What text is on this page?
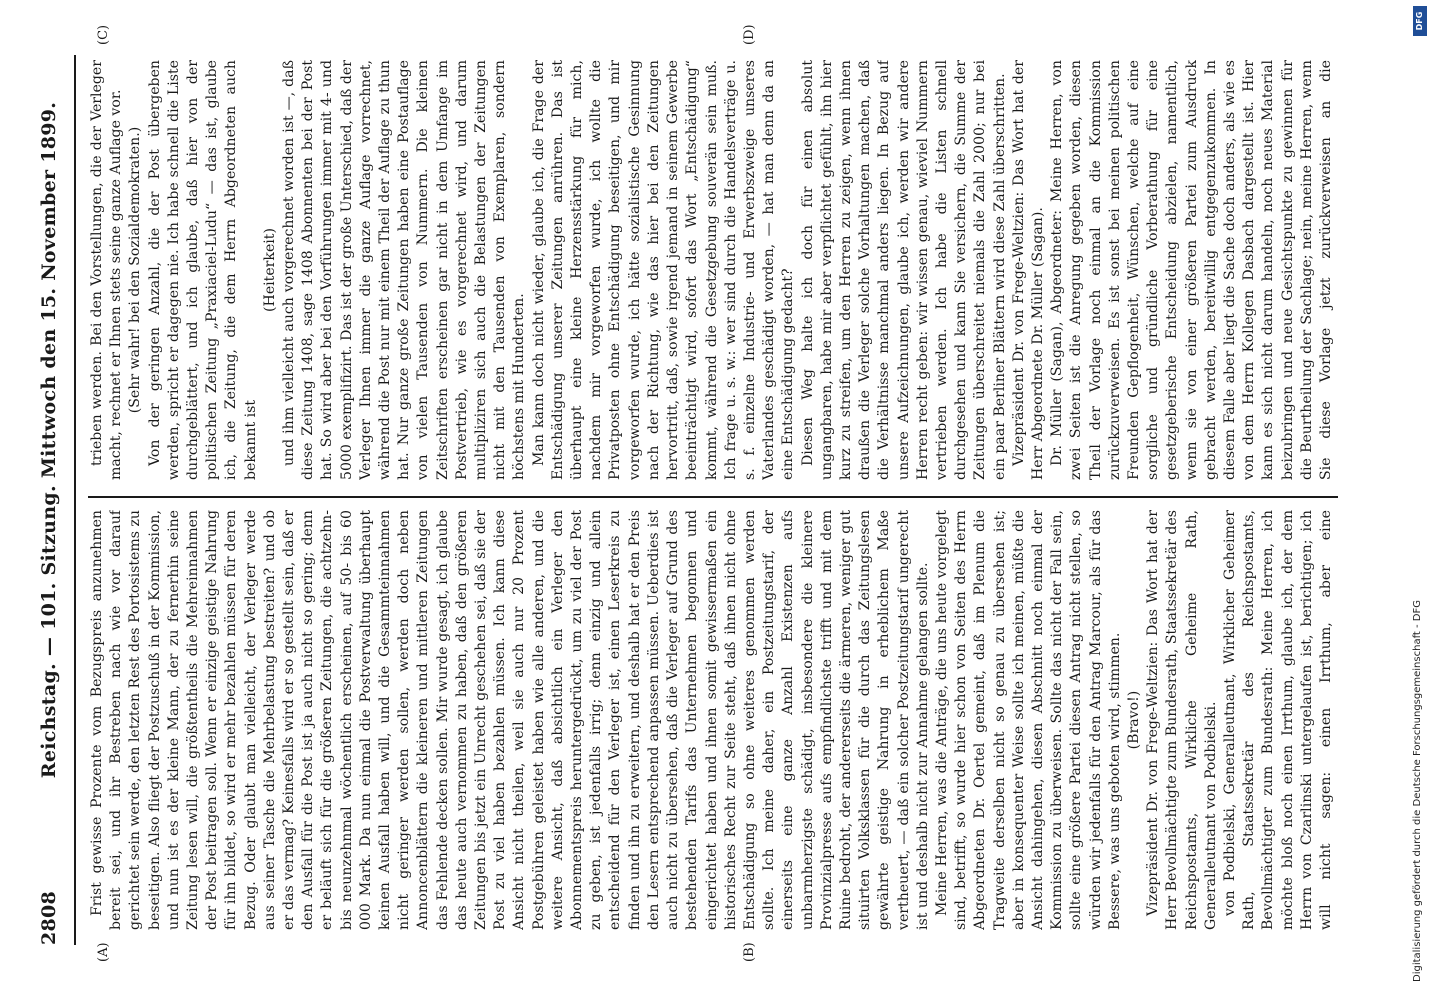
2808
Reichstag. — 101. Sitzung. Mittwoch den 15. November 1899.
(A)	(B)
(C)	(D)

Frist gewisse Prozente vom Bezugspreis anzunehmen bereit sei, und ihr Bestreben nach wie vor darauf gerichtet sein werde, den letzten Rest des Portosistems zu beseitigen. Also fliegt der Postzuschuß in der Kommission, und nun ist es der kleine Mann, der zu fernerhin seine Zeitung lesen will, die größtentheils die Mehreinnahmen der Post beitragen soll. Wenn er einzige geistige Nahrung für ihn bildet, so wird er mehr bezahlen müssen für deren Bezug. Oder glaubt man vielleicht, der Verleger werde aus seiner Tasche die Mehrbelastung bestreiten? und ob er das vermag? Keinesfalls wird er so gestellt sein, daß er den Ausfall für die Post ist ja auch nicht so gering; denn er beläuft sich für die größeren Zeitungen, die achtzehn- bis neunzehnmal wöchentlich erscheinen, auf 50- bis 60 000 Mark. Da nun einmal die Postverwaltung überhaupt keinen Ausfall haben will, und die Gesammteinnahmen nicht geringer werden sollen, werden doch neben Annoncenblättern die kleineren und mittleren Zeitungen das Fehlende decken sollen. Mir wurde gesagt, ich glaube das heute auch vernommen zu haben, daß den größeren Zeitungen bis jetzt ein Unrecht geschehen sei, daß sie der Post zu viel haben bezahlen müssen. Ich kann diese Ansicht nicht theilen, weil sie auch nur 20 Prozent Postgebühren geleistet haben wie alle anderen, und die weitere Ansicht, daß absichtlich ein Verleger den Abonnementspreis heruntergedrückt, um zu viel der Post zu geben, ist jedenfalls irrig; denn einzig und allein entscheidend für den Verleger ist, einen Leserkreis zu finden und ihn zu erweitern, und deshalb hat er den Preis den Lesern entsprechend anpassen müssen. Ueberdies ist auch nicht zu übersehen, daß die Verleger auf Grund des bestehenden Tarifs das Unternehmen begonnen und eingerichtet haben und ihnen somit gewissermaßen ein historisches Recht zur Seite steht, daß ihnen nicht ohne Entschädigung so ohne weiteres genommen werden sollte. Ich meine daher, ein Postzeitungstarif, der einerseits eine ganze Anzahl Existenzen aufs unbarmherzigste schädigt, insbesondere die kleinere Provinzialpresse aufs empfindlichste trifft und mit dem Ruine bedroht, der andererseits die ärmeren, weniger gut situirten Volksklassen für die durch das Zeitungslesen gewährte geistige Nahrung in erheblichem Maße vertheuert, — daß ein solcher Postzeitungstarif ungerecht ist und deshalb nicht zur Annahme gelangen sollte. Meine Herren, was die Anträge, die uns heute vorgelegt sind, betrifft, so wurde hier schon von Seiten des Herrn Abgeordneten Dr. Oertel gemeint, daß im Plenum die Tragweite derselben nicht so genau zu übersehen ist; aber in konsequenter Weise sollte ich meinen, müßte die Ansicht dahingehen, diesen Abschnitt noch einmal der Kommission zu überweisen. Sollte das nicht der Fall sein, sollte eine größere Partei diesen Antrag nicht stellen, so würden wir jedenfalls für den Antrag Marcour, als für das Bessere, was uns geboten wird, stimmen. (Bravo!) Vizepräsident Dr. von Frege-Weltzien: Das Wort hat der Herr Bevollmächtigte zum Bundesrath, Staatssekretär des Reichspostamts, Wirkliche Geheime Rath, Generalleutnant von Podbielski. von Podbielski, Generalleutnant, Wirklicher Geheimer Rath, Staatssekretär des Reichspostamts, Bevollmächtigter zum Bundesrath: Meine Herren, ich möchte bloß noch einen Irrthum, glaube ich, der dem Herrn von Czarlinski untergelaufen ist, berichtigen; ich will nicht sagen: einen Irrthum, aber eine

trieben werden. Bei den Vorstellungen, die der Verleger macht, rechnet er Ihnen stets seine ganze Auflage vor. (Sehr wahr! bei den Sozialdemokraten.) Von der geringen Anzahl, die der Post übergeben werden, spricht er dagegen nie. Ich habe schnell die Liste durchgeblättert, und ich glaube, daß hier von der politischen Zeitung „Praxiaciel-Ludu“ — das ist, glaube ich, die Zeitung, die dem Herrn Abgeordneten auch bekannt ist

(Heiterkeit) und ihm vielleicht auch vorgerechnet worden ist —, daß diese Zeitung 1408, sage 1408 Abonnenten bei der Post hat. So wird aber bei den Vorführungen immer mit 4- und 5000 exemplifizirt. Das ist der große Unterschied, daß der Verleger Ihnen immer die ganze Auflage vorrechnet, während die Post nur mit einem Theil der Auflage zu thun hat. Nur ganze große Zeitungen haben eine Postauflage von vielen Tausenden von Nummern. Die kleinen Zeitschriften erscheinen gar nicht in dem Umfange im Postvertrieb, wie es vorgerechnet wird, und darum multipliziren sich auch die Belastungen der Zeitungen nicht mit den Tausenden von Exemplaren, sondern höchstens mit Hunderten. Man kann doch nicht wieder, glaube ich, die Frage der Entschädigung unserer Zeitungen anrühren. Das ist überhaupt eine kleine Herzensstärkung für mich, nachdem mir vorgeworfen wurde, ich wollte die Privatposten ohne Entschädigung beseitigen, und mir vorgeworfen wurde, ich hätte sozialistische Gesinnung nach der Richtung, wie das hier bei den Zeitungen hervortritt, daß, sowie irgend jemand in seinem Gewerbe beeinträchtigt wird, sofort das Wort „Entschädigung“ kommt, während die Gesetzgebung souverän sein muß. Ich frage u. s. w.: wer sind durch die Handelsverträge u. s. f. einzelne Industrie- und Erwerbszweige unseres Vaterlandes geschädigt worden, — hat man denn da an eine Entschädigung gedacht? Diesen Weg halte ich doch für einen absolut ungangbaren, habe mir aber verpflichtet gefühlt, ihn hier kurz zu streifen, um den Herren zu zeigen, wenn ihnen draußen die Verleger solche Vorhaltungen machen, daß die Verhältnisse manchmal anders liegen. In Bezug auf unsere Aufzeichnungen, glaube ich, werden wir andere Herren recht geben: wir wissen genau, wieviel Nummern vertrieben werden. Ich habe die Listen schnell durchgesehen und kann Sie versichern, die Summe der Zeitungen überschreitet niemals die Zahl 2000; nur bei ein paar Berliner Blättern wird diese Zahl überschritten. Vizepräsident Dr. von Frege-Weltzien: Das Wort hat der Herr Abgeordnete Dr. Müller (Sagan). Dr. Müller (Sagan), Abgeordneter: Meine Herren, von zwei Seiten ist die Anregung gegeben worden, diesen Theil der Vorlage noch einmal an die Kommission zurückzuverweisen. Es ist sonst bei meinen politischen Freunden Gepflogenheit, Wünschen, welche auf eine sorgliche und gründliche Vorberathung für eine gesetzgeberische Entscheidung abzielen, namentlich, wenn sie von einer größeren Partei zum Ausdruck gebracht werden, bereitwillig entgegenzukommen. In diesem Falle aber liegt die Sache doch anders, als wie es von dem Herrn Kollegen Dasbach dargestellt ist. Hier kann es sich nicht darum handeln, noch neues Material beizubringen und neue Gesichtspunkte zu gewinnen für die Beurtheilung der Sachlage; nein, meine Herren, wenn Sie diese Vorlage jetzt zurückverweisen an die

Digitalisierung gefördert durch die Deutsche Forschungsgemeinschaft - DFG
DFG
